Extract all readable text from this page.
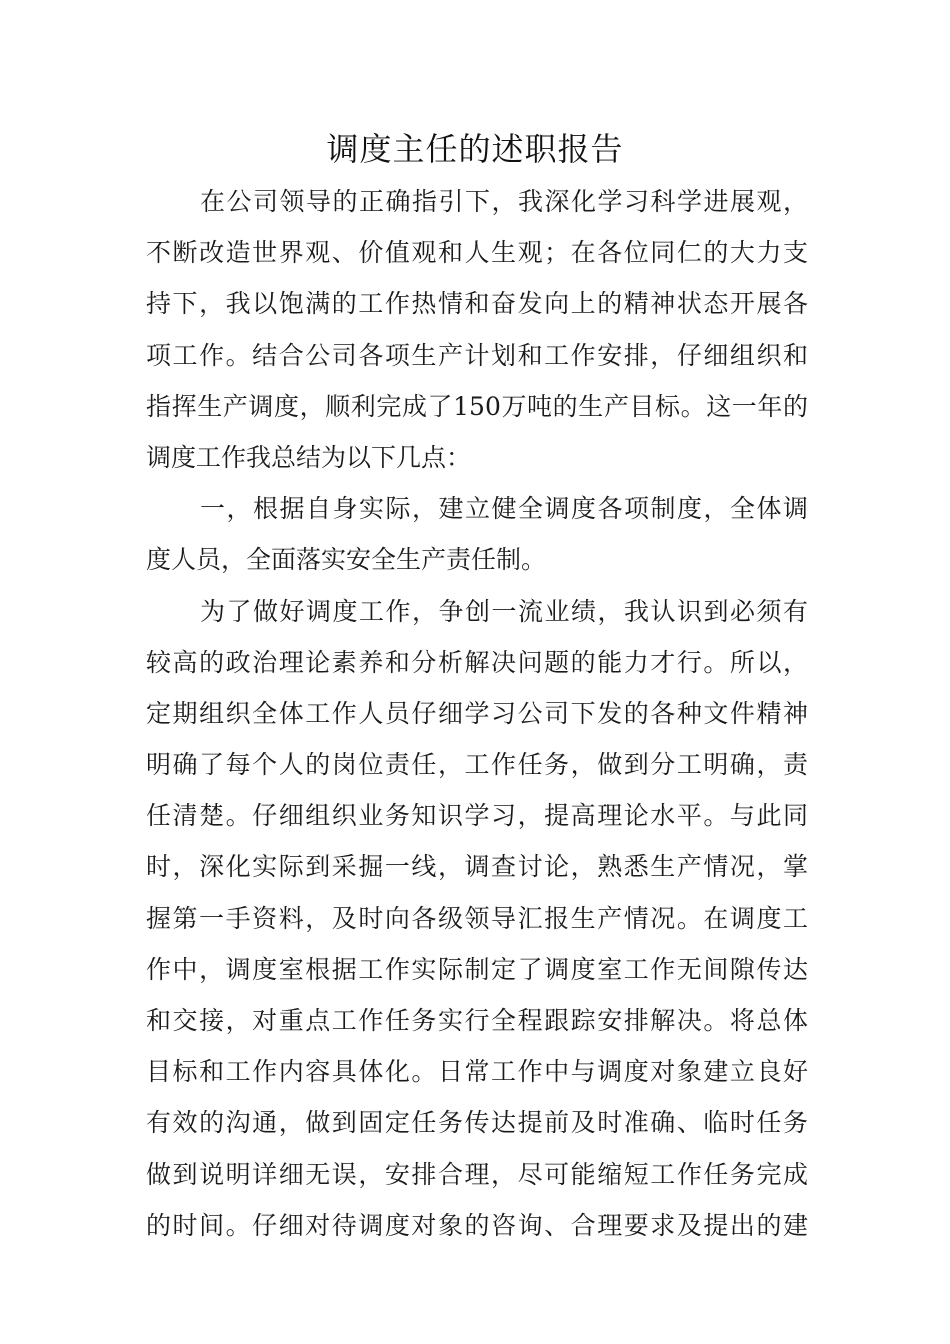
调度主任的述职报告
在公司领导的正确指引下，我深化学习科学进展观，
不断改造世界观、价值观和人生观；在各位同仁的大力支
持下，我以饱满的工作热情和奋发向上的精神状态开展各
项工作。结合公司各项生产计划和工作安排，仔细组织和
指挥生产调度，顺利完成了150万吨的生产目标。这一年的
调度工作我总结为以下几点：
一，根据自身实际，建立健全调度各项制度，全体调
度人员，全面落实安全生产责任制。
为了做好调度工作，争创一流业绩，我认识到必须有
较高的政治理论素养和分析解决问题的能力才行。所以，
定期组织全体工作人员仔细学习公司下发的各种文件精神
明确了每个人的岗位责任，工作任务，做到分工明确，责
任清楚。仔细组织业务知识学习，提高理论水平。与此同
时，深化实际到采掘一线，调查讨论，熟悉生产情况，掌
握第一手资料，及时向各级领导汇报生产情况。在调度工
作中，调度室根据工作实际制定了调度室工作无间隙传达
和交接，对重点工作任务实行全程跟踪安排解决。将总体
目标和工作内容具体化。日常工作中与调度对象建立良好
有效的沟通，做到固定任务传达提前及时准确、临时任务
做到说明详细无误，安排合理，尽可能缩短工作任务完成
的时间。仔细对待调度对象的咨询、合理要求及提出的建
